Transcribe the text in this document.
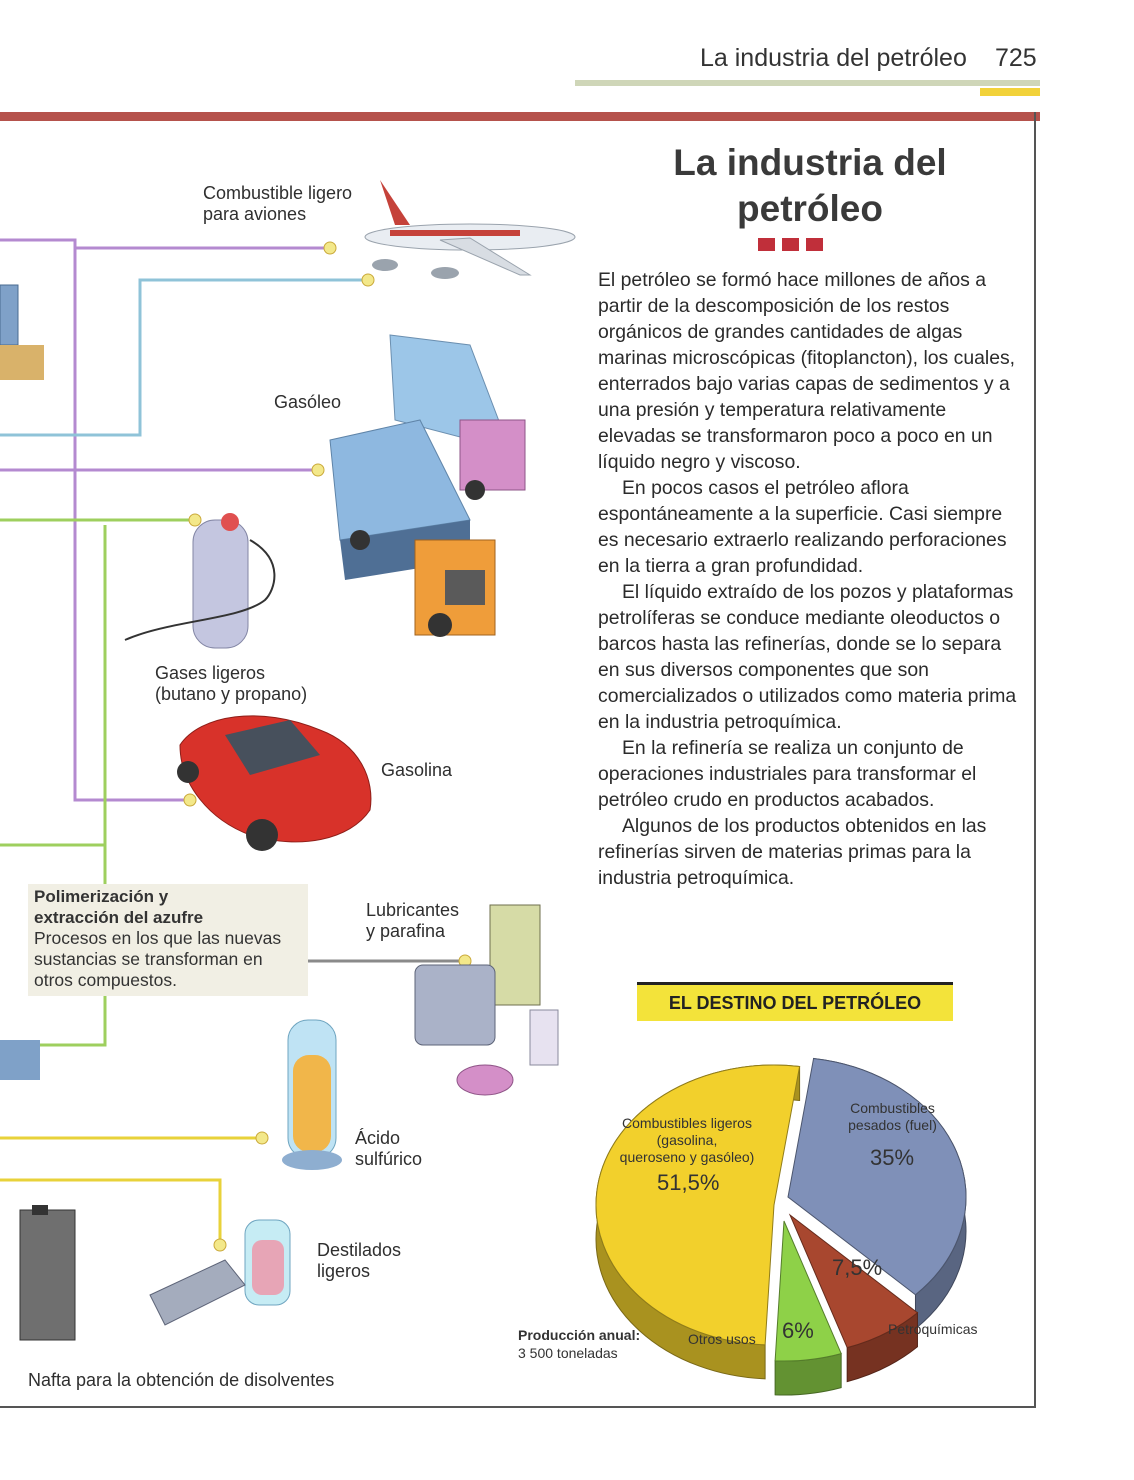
La industria del petróleo 725
Combustible ligero
para aviones
Gasóleo
Gases ligeros
(butano y propano)
Gasolina
Lubricantes
y parafina
Ácido
sulfúrico
Destilados
ligeros
Nafta para la obtención de disolventes
Polimerización y
extracción del azufre
Procesos en los que las nuevas
sustancias se transforman en
otros compuestos.
La industria del petróleo

El petróleo se formó hace millones de años a partir de la descomposición de los restos orgánicos de grandes cantidades de algas marinas microscópicas (fitoplancton), los cuales, enterrados bajo varias capas de sedimentos y a una presión y temperatura relativamente elevadas se transformaron poco a poco en un líquido negro y viscoso.

En pocos casos el petróleo aflora espontáneamente a la superficie. Casi siempre es necesario extraerlo realizando perforaciones en la tierra a gran profundidad.

El líquido extraído de los pozos y plataformas petrolíferas se conduce mediante oleoductos o barcos hasta las refinerías, donde se lo separa en sus diversos componentes que son comercializados o utilizados como materia prima en la industria petroquímica.

En la refinería se realiza un conjunto de operaciones industriales para transformar el petróleo crudo en productos acabados.

Algunos de los productos obtenidos en las refinerías sirven de materias primas para la industria petroquímica.

EL DESTINO DEL PETRÓLEO
Combustibles ligeros
(gasolina,
queroseno y gasóleo)
51,5%
Combustibles
pesados (fuel)
35%
7,5%
Petroquímicas
6%
Otros usos
Producción anual:
3 500 toneladas
